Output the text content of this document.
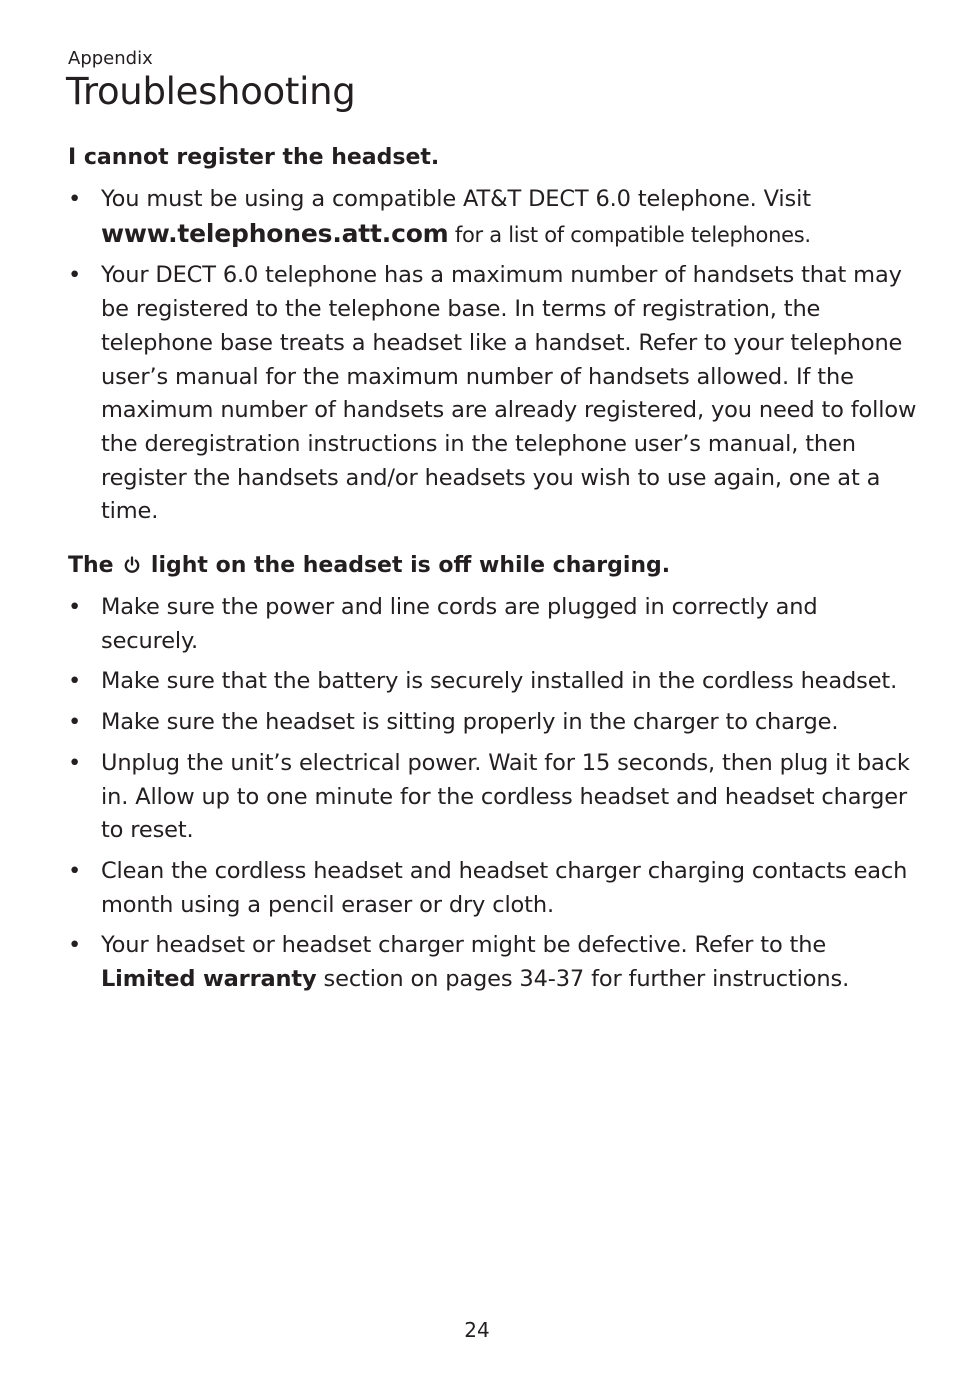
Appendix
Troubleshooting
I cannot register the headset.
• You must be using a compatible AT&T DECT 6.0 telephone. Visit www.telephones.att.com for a list of compatible telephones.
• Your DECT 6.0 telephone has a maximum number of handsets that may be registered to the telephone base. In terms of registration, the telephone base treats a headset like a handset. Refer to your telephone user’s manual for the maximum number of handsets allowed. If the maximum number of handsets are already registered, you need to follow the deregistration instructions in the telephone user’s manual, then register the handsets and/or headsets you wish to use again, one at a time.
The  light on the headset is off while charging.
• Make sure the power and line cords are plugged in correctly and securely.
• Make sure that the battery is securely installed in the cordless headset.
• Make sure the headset is sitting properly in the charger to charge.
• Unplug the unit’s electrical power. Wait for 15 seconds, then plug it back in. Allow up to one minute for the cordless headset and headset charger to reset.
• Clean the cordless headset and headset charger charging contacts each month using a pencil eraser or dry cloth.
• Your headset or headset charger might be defective. Refer to the Limited warranty section on pages 34-37 for further instructions.
24
